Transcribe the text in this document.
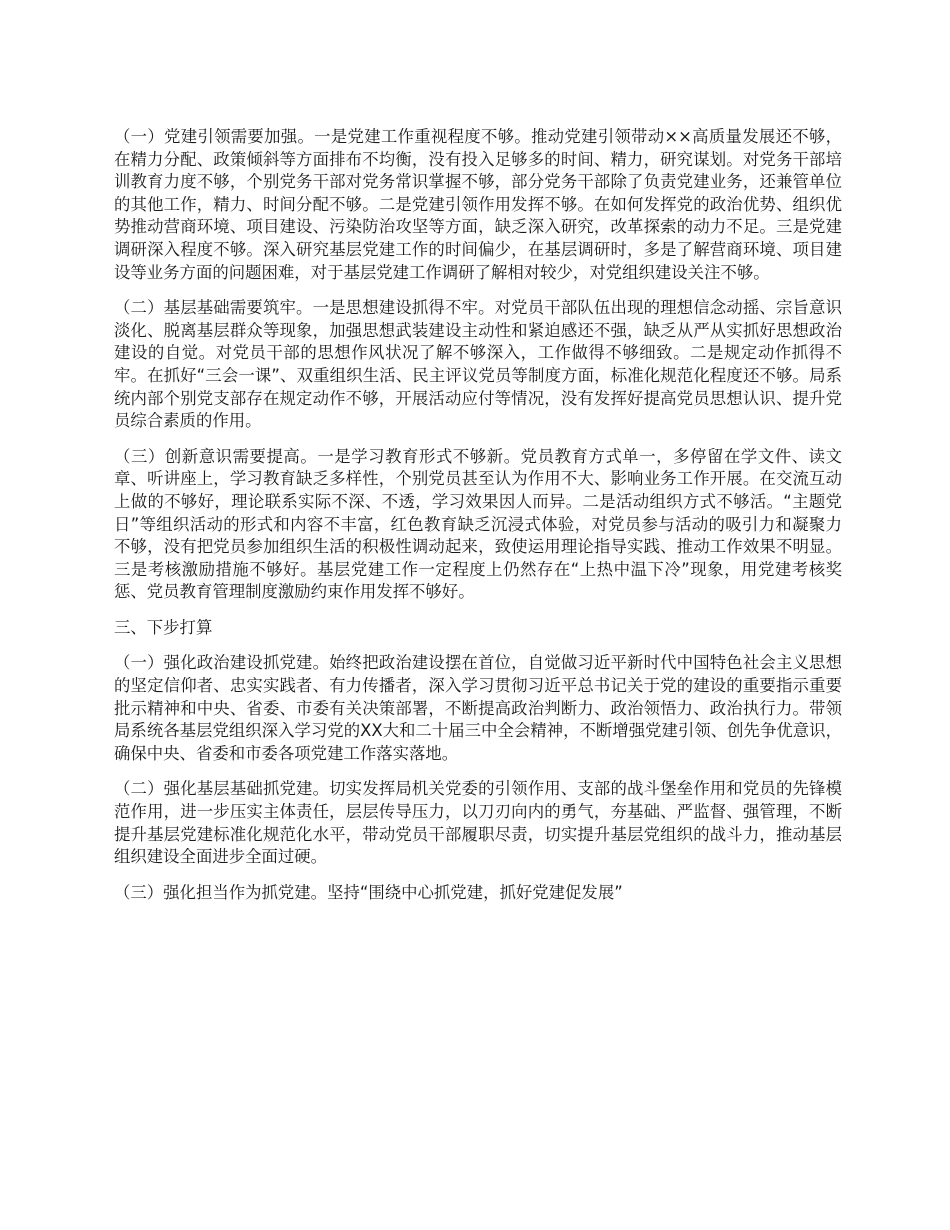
（一）党建引领需要加强。一是党建工作重视程度不够。推动党建引领带动××高质量发展还不够，在精力分配、政策倾斜等方面排布不均衡，没有投入足够多的时间、精力，研究谋划。对党务干部培训教育力度不够，个别党务干部对党务常识掌握不够，部分党务干部除了负责党建业务，还兼管单位的其他工作，精力、时间分配不够。二是党建引领作用发挥不够。在如何发挥党的政治优势、组织优势推动营商环境、项目建设、污染防治攻坚等方面，缺乏深入研究，改革探索的动力不足。三是党建调研深入程度不够。深入研究基层党建工作的时间偏少，在基层调研时，多是了解营商环境、项目建设等业务方面的问题困难，对于基层党建工作调研了解相对较少，对党组织建设关注不够。

（二）基层基础需要筑牢。一是思想建设抓得不牢。对党员干部队伍出现的理想信念动摇、宗旨意识淡化、脱离基层群众等现象，加强思想武装建设主动性和紧迫感还不强，缺乏从严从实抓好思想政治建设的自觉。对党员干部的思想作风状况了解不够深入，工作做得不够细致。二是规定动作抓得不牢。在抓好“三会一课”、双重组织生活、民主评议党员等制度方面，标准化规范化程度还不够。局系统内部个别党支部存在规定动作不够，开展活动应付等情况，没有发挥好提高党员思想认识、提升党员综合素质的作用。

（三）创新意识需要提高。一是学习教育形式不够新。党员教育方式单一，多停留在学文件、读文章、听讲座上，学习教育缺乏多样性，个别党员甚至认为作用不大、影响业务工作开展。在交流互动上做的不够好，理论联系实际不深、不透，学习效果因人而异。二是活动组织方式不够活。“主题党日”等组织活动的形式和内容不丰富，红色教育缺乏沉浸式体验，对党员参与活动的吸引力和凝聚力不够，没有把党员参加组织生活的积极性调动起来，致使运用理论指导实践、推动工作效果不明显。三是考核激励措施不够好。基层党建工作一定程度上仍然存在“上热中温下冷”现象，用党建考核奖惩、党员教育管理制度激励约束作用发挥不够好。

三、下步打算

（一）强化政治建设抓党建。始终把政治建设摆在首位，自觉做习近平新时代中国特色社会主义思想的坚定信仰者、忠实实践者、有力传播者，深入学习贯彻习近平总书记关于党的建设的重要指示重要批示精神和中央、省委、市委有关决策部署，不断提高政治判断力、政治领悟力、政治执行力。带领局系统各基层党组织深入学习党的XX大和二十届三中全会精神，不断增强党建引领、创先争优意识，确保中央、省委和市委各项党建工作落实落地。

（二）强化基层基础抓党建。切实发挥局机关党委的引领作用、支部的战斗堡垒作用和党员的先锋模范作用，进一步压实主体责任，层层传导压力，以刀刃向内的勇气，夯基础、严监督、强管理，不断提升基层党建标准化规范化水平，带动党员干部履职尽责，切实提升基层党组织的战斗力，推动基层组织建设全面进步全面过硬。

（三）强化担当作为抓党建。坚持“围绕中心抓党建，抓好党建促发展”
